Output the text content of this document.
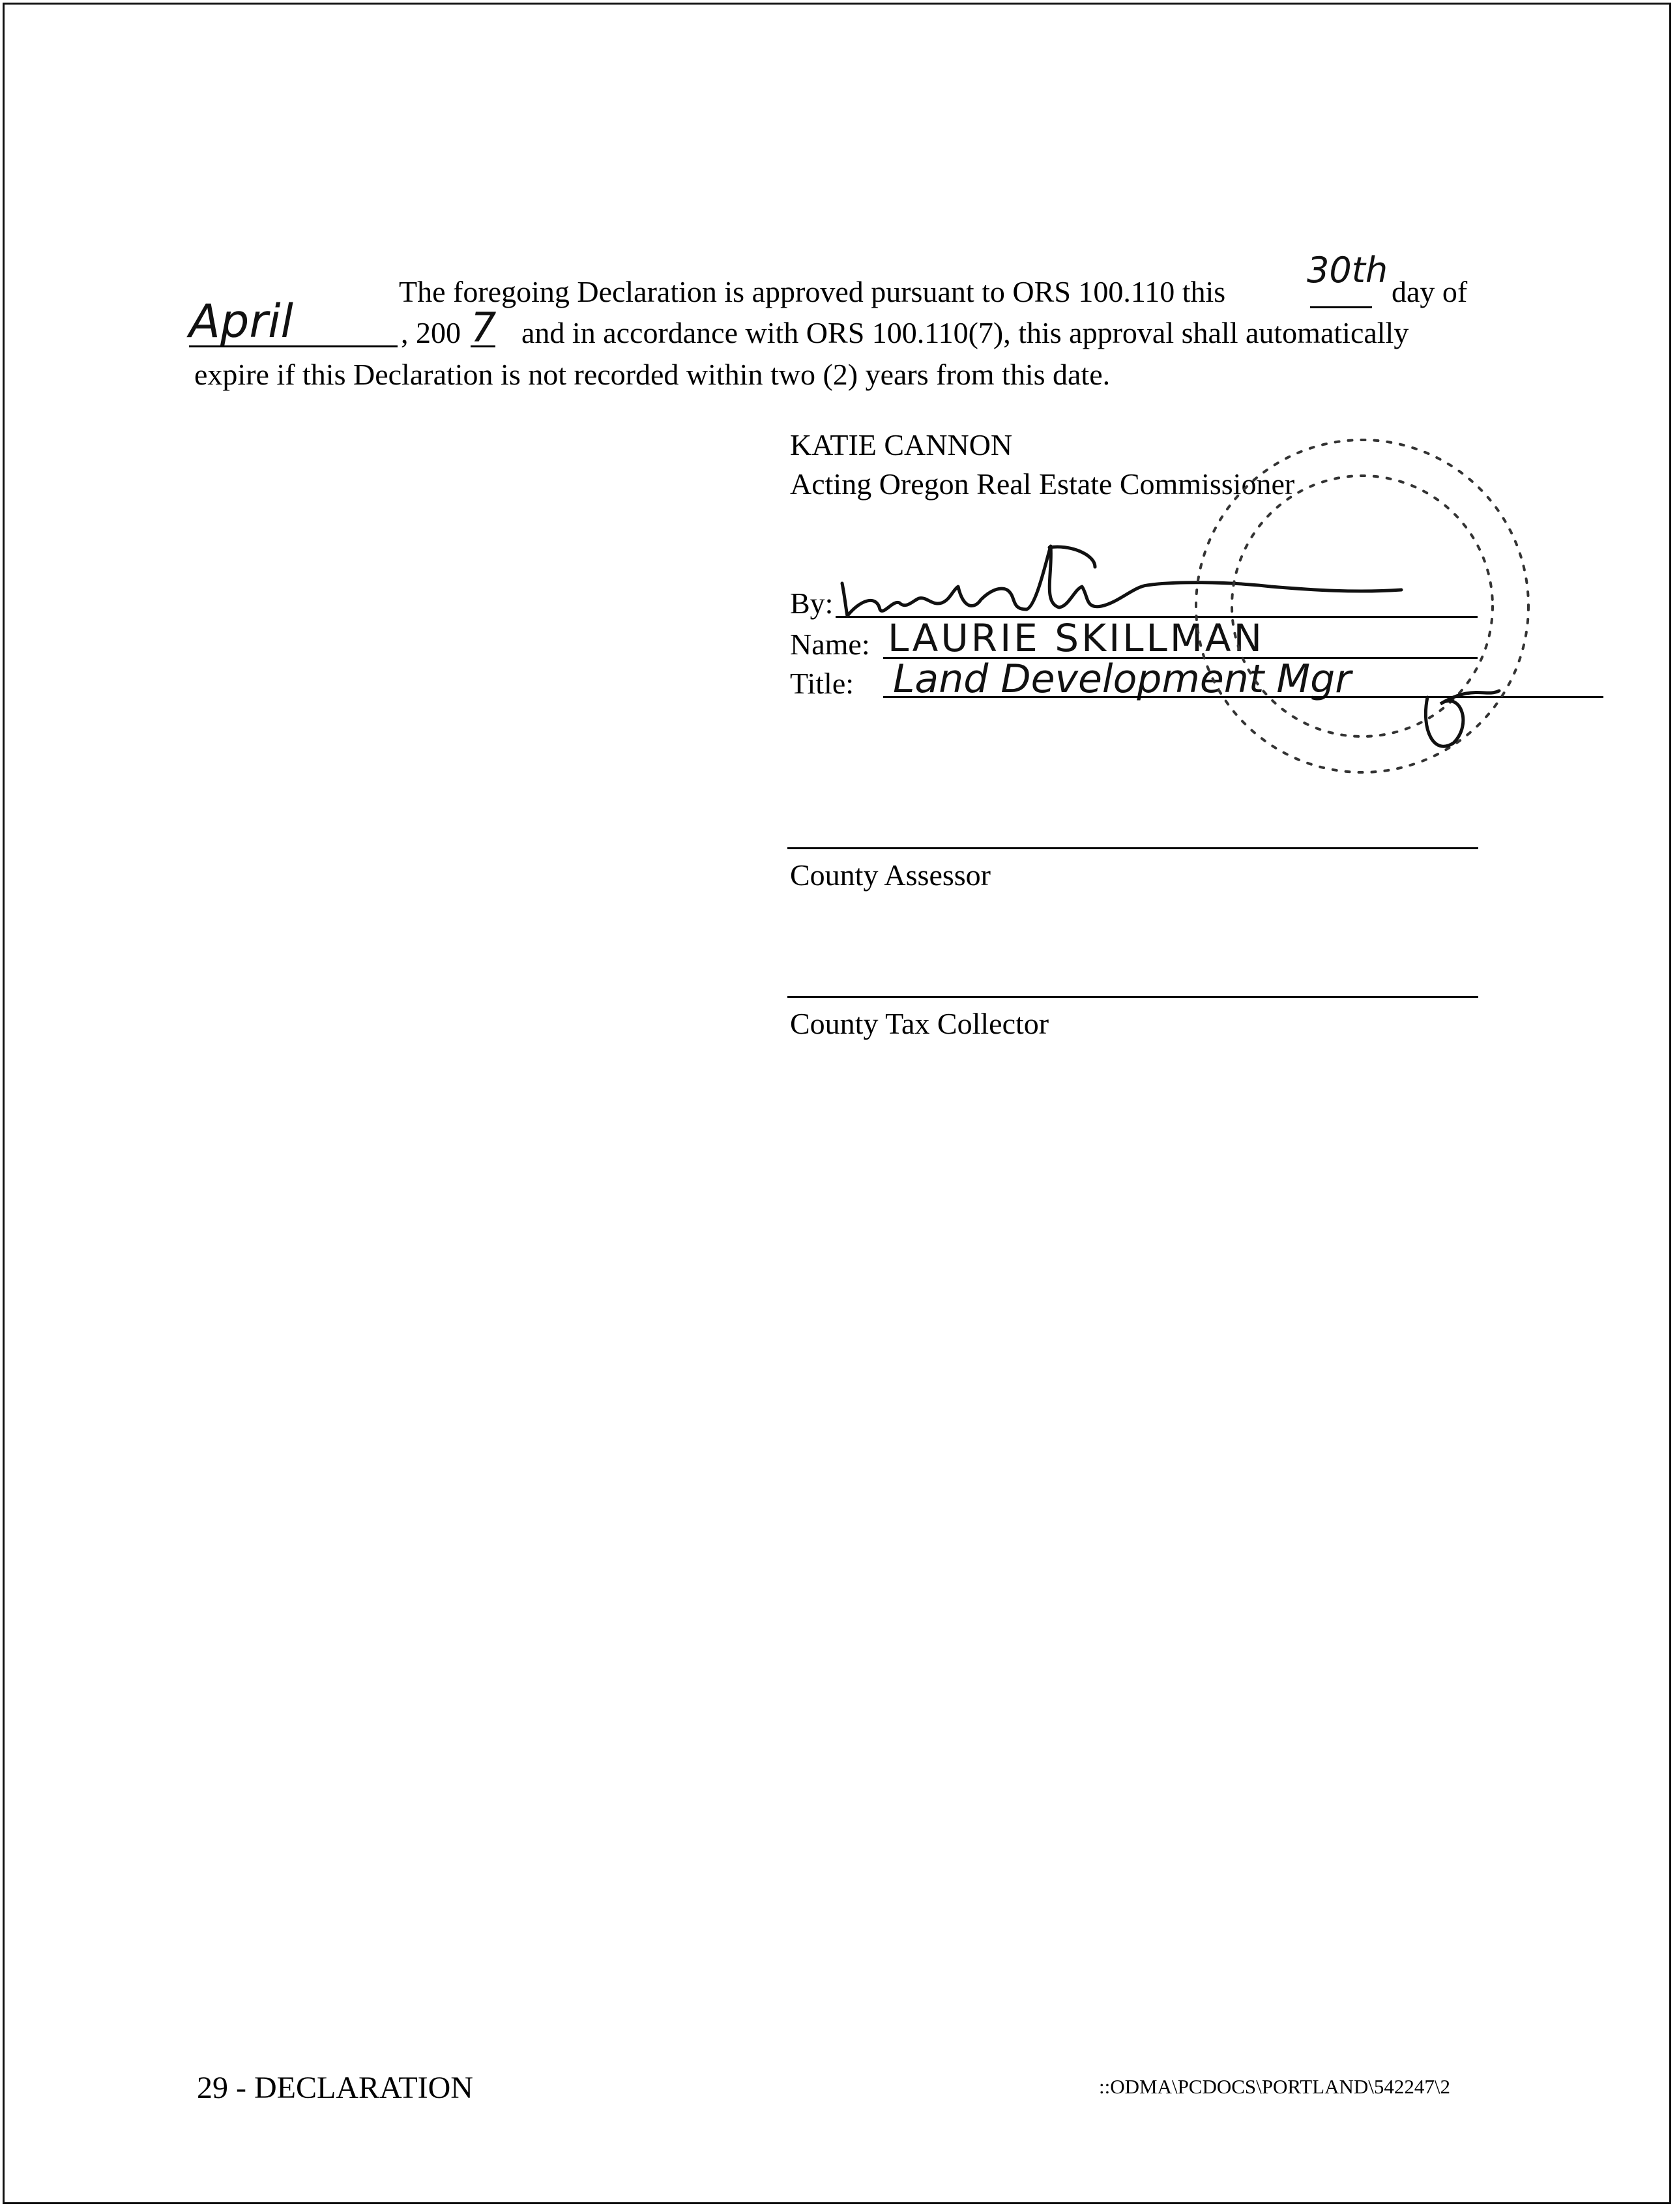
The foregoing Declaration is approved pursuant to ORS 100.110 this
30th
day of
April	, 200 7 and in accordance with ORS 100.110(7), this approval shall automatically
expire if this Declaration is not recorded within two (2) years from this date.
KATIE CANNON
Acting Oregon Real Estate Commissioner
By:
Name: LAURIE SKILLMAN
Title: Land Development Mgr
County Assessor
County Tax Collector
29 - DECLARATION	::ODMA\PCDOCS\PORTLAND\542247\2
